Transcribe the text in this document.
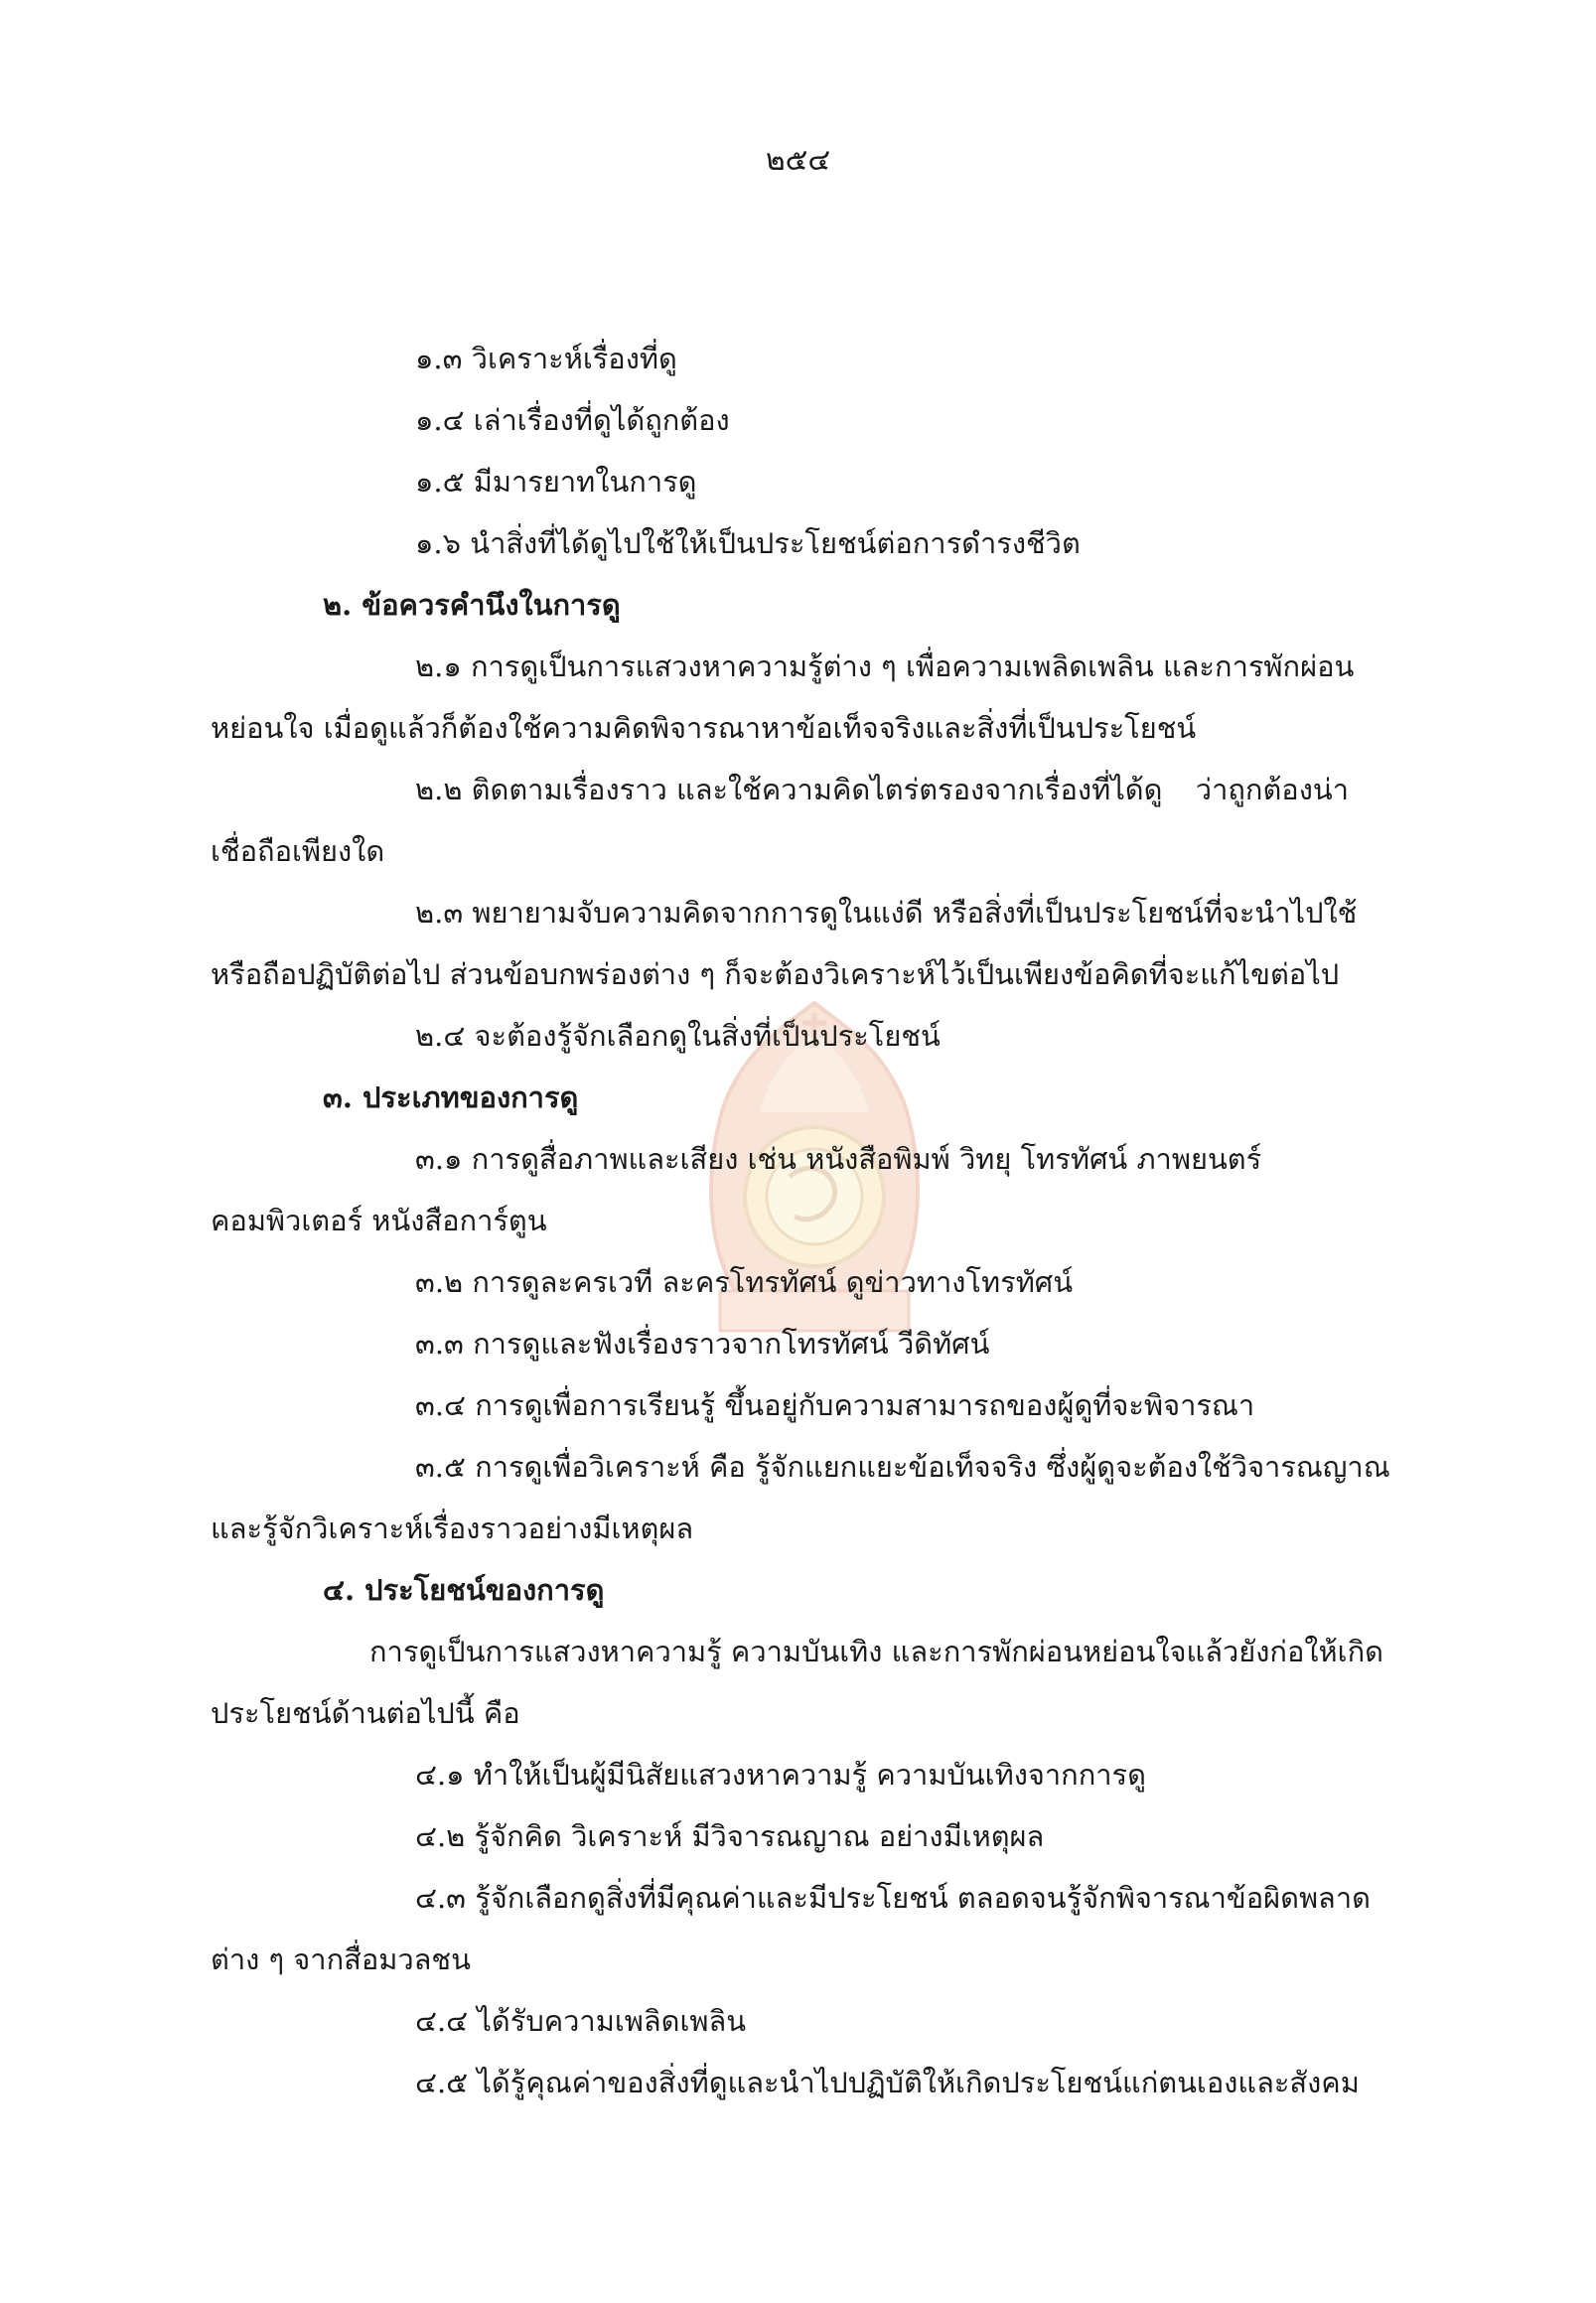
๒๕๔
๑.๓ วิเคราะห์เรื่องที่ดู
๑.๔ เล่าเรื่องที่ดูได้ถูกต้อง
๑.๕ มีมารยาทในการดู
๑.๖ นำสิ่งที่ได้ดูไปใช้ให้เป็นประโยชน์ต่อการดำรงชีวิต
๒. ข้อควรคำนึงในการดู
๒.๑ การดูเป็นการแสวงหาความรู้ต่าง ๆ เพื่อความเพลิดเพลิน และการพักผ่อน
หย่อนใจ เมื่อดูแล้วก็ต้องใช้ความคิดพิจารณาหาข้อเท็จจริงและสิ่งที่เป็นประโยชน์
๒.๒ ติดตามเรื่องราว และใช้ความคิดไตร่ตรองจากเรื่องที่ได้ดู ว่าถูกต้องน่า
เชื่อถือเพียงใด
๒.๓ พยายามจับความคิดจากการดูในแง่ดี หรือสิ่งที่เป็นประโยชน์ที่จะนำไปใช้
หรือถือปฏิบัติต่อไป ส่วนข้อบกพร่องต่าง ๆ ก็จะต้องวิเคราะห์ไว้เป็นเพียงข้อคิดที่จะแก้ไขต่อไป
๒.๔ จะต้องรู้จักเลือกดูในสิ่งที่เป็นประโยชน์
๓. ประเภทของการดู
๓.๑ การดูสื่อภาพและเสียง เช่น หนังสือพิมพ์ วิทยุ โทรทัศน์ ภาพยนตร์
คอมพิวเตอร์ หนังสือการ์ตูน
๓.๒ การดูละครเวที ละครโทรทัศน์ ดูข่าวทางโทรทัศน์
๓.๓ การดูและฟังเรื่องราวจากโทรทัศน์ วีดิทัศน์
๓.๔ การดูเพื่อการเรียนรู้ ขึ้นอยู่กับความสามารถของผู้ดูที่จะพิจารณา
๓.๕ การดูเพื่อวิเคราะห์ คือ รู้จักแยกแยะข้อเท็จจริง ซึ่งผู้ดูจะต้องใช้วิจารณญาณ
และรู้จักวิเคราะห์เรื่องราวอย่างมีเหตุผล
๔. ประโยชน์ของการดู
การดูเป็นการแสวงหาความรู้ ความบันเทิง และการพักผ่อนหย่อนใจแล้วยังก่อให้เกิด
ประโยชน์ด้านต่อไปนี้ คือ
๔.๑ ทำให้เป็นผู้มีนิสัยแสวงหาความรู้ ความบันเทิงจากการดู
๔.๒ รู้จักคิด วิเคราะห์ มีวิจารณญาณ อย่างมีเหตุผล
๔.๓ รู้จักเลือกดูสิ่งที่มีคุณค่าและมีประโยชน์ ตลอดจนรู้จักพิจารณาข้อผิดพลาด
ต่าง ๆ จากสื่อมวลชน
๔.๔ ได้รับความเพลิดเพลิน
๔.๕ ได้รู้คุณค่าของสิ่งที่ดูและนำไปปฏิบัติให้เกิดประโยชน์แก่ตนเองและสังคม
